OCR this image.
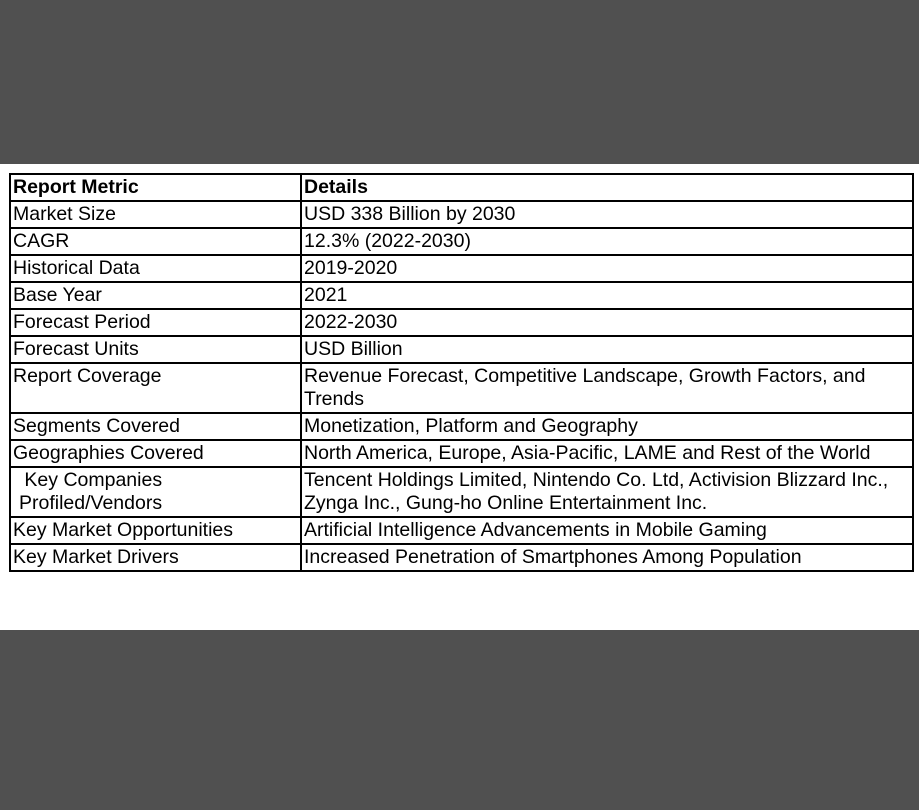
Report Metric	Details
Market Size	USD 338 Billion by 2030
CAGR	12.3% (2022-2030)
Historical Data	2019-2020
Base Year	2021
Forecast Period	2022-2030
Forecast Units	USD Billion
Report Coverage	Revenue Forecast, Competitive Landscape, Growth Factors, and Trends
Segments Covered	Monetization, Platform and Geography
Geographies Covered	North America, Europe, Asia-Pacific, LAME and Rest of the World
Key Companies
Profiled/Vendors	Tencent Holdings Limited, Nintendo Co. Ltd, Activision Blizzard Inc., Zynga Inc., Gung-ho Online Entertainment Inc.
Key Market Opportunities	Artificial Intelligence Advancements in Mobile Gaming
Key Market Drivers	Increased Penetration of Smartphones Among Population
